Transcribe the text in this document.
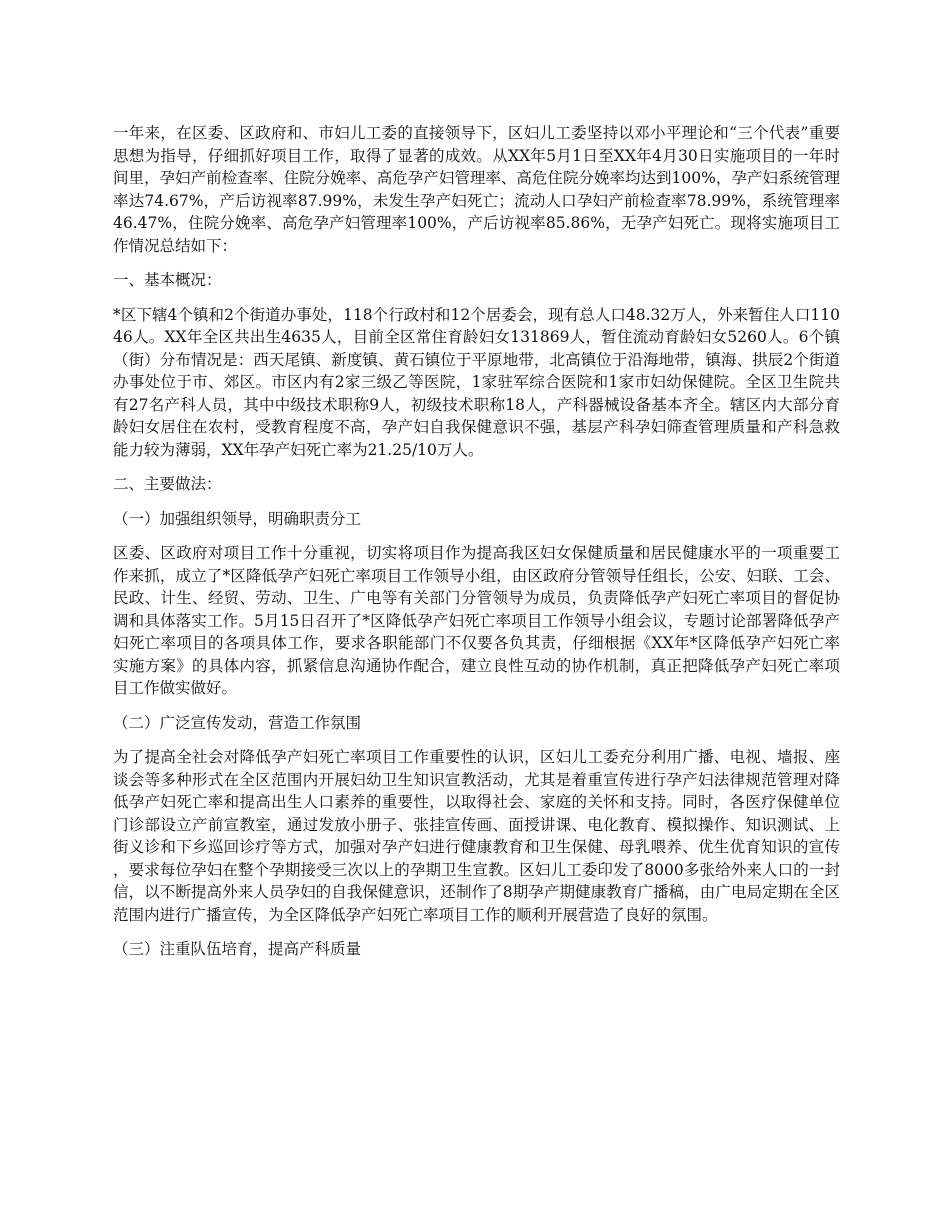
一年来，在区委、区政府和、市妇儿工委的直接领导下，区妇儿工委坚持以邓小平理论和“三个代表”重要思想为指导，仔细抓好项目工作，取得了显著的成效。从XX年5月1日至XX年4月30日实施项目的一年时间里，孕妇产前检查率、住院分娩率、高危孕产妇管理率、高危住院分娩率均达到100%，孕产妇系统管理率达74.67%，产后访视率87.99%，未发生孕产妇死亡；流动人口孕妇产前检查率78.99%，系统管理率46.47%，住院分娩率、高危孕产妇管理率100%，产后访视率85.86%，无孕产妇死亡。现将实施项目工作情况总结如下：

一、基本概况：

*区下辖4个镇和2个街道办事处，118个行政村和12个居委会，现有总人口48.32万人，外来暂住人口11046人。XX年全区共出生4635人，目前全区常住育龄妇女131869人，暂住流动育龄妇女5260人。6个镇（街）分布情况是：西天尾镇、新度镇、黄石镇位于平原地带，北高镇位于沿海地带，镇海、拱辰2个街道办事处位于市、郊区。市区内有2家三级乙等医院，1家驻军综合医院和1家市妇幼保健院。全区卫生院共有27名产科人员，其中中级技术职称9人，初级技术职称18人，产科器械设备基本齐全。辖区内大部分育龄妇女居住在农村，受教育程度不高，孕产妇自我保健意识不强，基层产科孕妇筛查管理质量和产科急救能力较为薄弱，XX年孕产妇死亡率为21.25/10万人。

二、主要做法：

（一）加强组织领导，明确职责分工

区委、区政府对项目工作十分重视，切实将项目作为提高我区妇女保健质量和居民健康水平的一项重要工作来抓，成立了*区降低孕产妇死亡率项目工作领导小组，由区政府分管领导任组长，公安、妇联、工会、民政、计生、经贸、劳动、卫生、广电等有关部门分管领导为成员，负责降低孕产妇死亡率项目的督促协调和具体落实工作。5月15日召开了*区降低孕产妇死亡率项目工作领导小组会议，专题讨论部署降低孕产妇死亡率项目的各项具体工作，要求各职能部门不仅要各负其责，仔细根据《XX年*区降低孕产妇死亡率实施方案》的具体内容，抓紧信息沟通协作配合，建立良性互动的协作机制，真正把降低孕产妇死亡率项目工作做实做好。

（二）广泛宣传发动，营造工作氛围

为了提高全社会对降低孕产妇死亡率项目工作重要性的认识，区妇儿工委充分利用广播、电视、墙报、座谈会等多种形式在全区范围内开展妇幼卫生知识宣教活动，尤其是着重宣传进行孕产妇法律规范管理对降低孕产妇死亡率和提高出生人口素养的重要性，以取得社会、家庭的关怀和支持。同时，各医疗保健单位门诊部设立产前宣教室，通过发放小册子、张挂宣传画、面授讲课、电化教育、模拟操作、知识测试、上街义诊和下乡巡回诊疗等方式，加强对孕产妇进行健康教育和卫生保健、母乳喂养、优生优育知识的宣传，要求每位孕妇在整个孕期接受三次以上的孕期卫生宣教。区妇儿工委印发了8000多张给外来人口的一封信，以不断提高外来人员孕妇的自我保健意识，还制作了8期孕产期健康教育广播稿，由广电局定期在全区范围内进行广播宣传，为全区降低孕产妇死亡率项目工作的顺利开展营造了良好的氛围。

（三）注重队伍培育，提高产科质量
